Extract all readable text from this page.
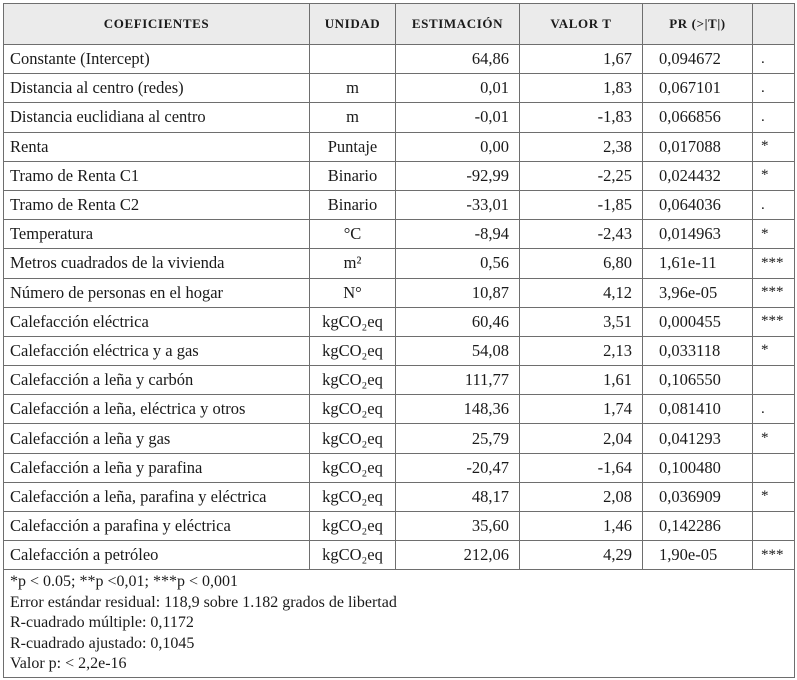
COEFICIENTES	UNIDAD	ESTIMACIÓN	VALOR T	PR (>|T|)	
Constante (Intercept)		64,86	1,67	0,094672	.
Distancia al centro (redes)	m	0,01	1,83	0,067101	.
Distancia euclidiana al centro	m	-0,01	-1,83	0,066856	.
Renta	Puntaje	0,00	2,38	0,017088	*
Tramo de Renta C1	Binario	-92,99	-2,25	0,024432	*
Tramo de Renta C2	Binario	-33,01	-1,85	0,064036	.
Temperatura	°C	-8,94	-2,43	0,014963	*
Metros cuadrados de la vivienda	m²	0,56	6,80	1,61e-11	***
Número de personas en el hogar	N°	10,87	4,12	3,96e-05	***
Calefacción eléctrica	kgCO₂eq	60,46	3,51	0,000455	***
Calefacción eléctrica y a gas	kgCO₂eq	54,08	2,13	0,033118	*
Calefacción a leña y carbón	kgCO₂eq	111,77	1,61	0,106550	
Calefacción a leña, eléctrica y otros	kgCO₂eq	148,36	1,74	0,081410	.
Calefacción a leña y gas	kgCO₂eq	25,79	2,04	0,041293	*
Calefacción a leña y parafina	kgCO₂eq	-20,47	-1,64	0,100480	
Calefacción a leña, parafina y eléctrica	kgCO₂eq	48,17	2,08	0,036909	*
Calefacción a parafina y eléctrica	kgCO₂eq	35,60	1,46	0,142286	
Calefacción a petróleo	kgCO₂eq	212,06	4,29	1,90e-05	***

*p < 0.05; **p <0,01; ***p < 0,001
Error estándar residual: 118,9 sobre 1.182 grados de libertad
R-cuadrado múltiple: 0,1172
R-cuadrado ajustado: 0,1045
Valor p: < 2,2e-16					
